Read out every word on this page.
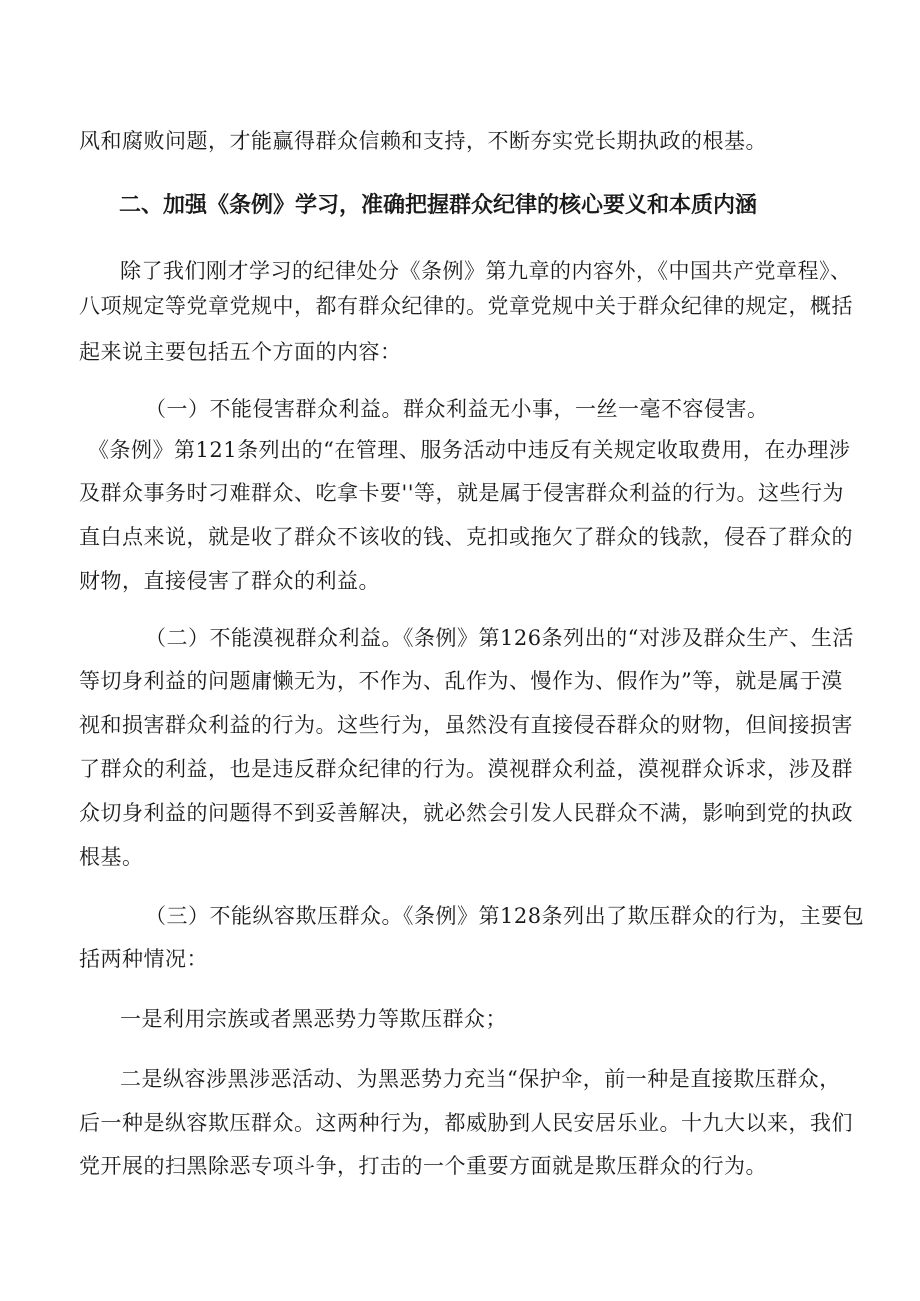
风和腐败问题，才能赢得群众信赖和支持，不断夯实党长期执政的根基。

二、加强《条例》学习，准确把握群众纪律的核心要义和本质内涵

除了我们刚才学习的纪律处分《条例》第九章的内容外，《中国共产党章程》、

八项规定等党章党规中，都有群众纪律的。党章党规中关于群众纪律的规定，概括

起来说主要包括五个方面的内容：

（一）不能侵害群众利益。群众利益无小事，一丝一毫不容侵害。

《条例》第121条列出的“在管理、服务活动中违反有关规定收取费用，在办理涉

及群众事务时刁难群众、吃拿卡要''等，就是属于侵害群众利益的行为。这些行为

直白点来说，就是收了群众不该收的钱、克扣或拖欠了群众的钱款，侵吞了群众的

财物，直接侵害了群众的利益。

（二）不能漠视群众利益。《条例》第126条列出的“对涉及群众生产、生活

等切身利益的问题庸懒无为，不作为、乱作为、慢作为、假作为”等，就是属于漠

视和损害群众利益的行为。这些行为，虽然没有直接侵吞群众的财物，但间接损害

了群众的利益，也是违反群众纪律的行为。漠视群众利益，漠视群众诉求，涉及群

众切身利益的问题得不到妥善解决，就必然会引发人民群众不满，影响到党的执政

根基。

（三）不能纵容欺压群众。《条例》第128条列出了欺压群众的行为，主要包

括两种情况：

一是利用宗族或者黑恶势力等欺压群众；

二是纵容涉黑涉恶活动、为黑恶势力充当“保护伞，前一种是直接欺压群众，

后一种是纵容欺压群众。这两种行为，都威胁到人民安居乐业。十九大以来，我们

党开展的扫黑除恶专项斗争，打击的一个重要方面就是欺压群众的行为。
